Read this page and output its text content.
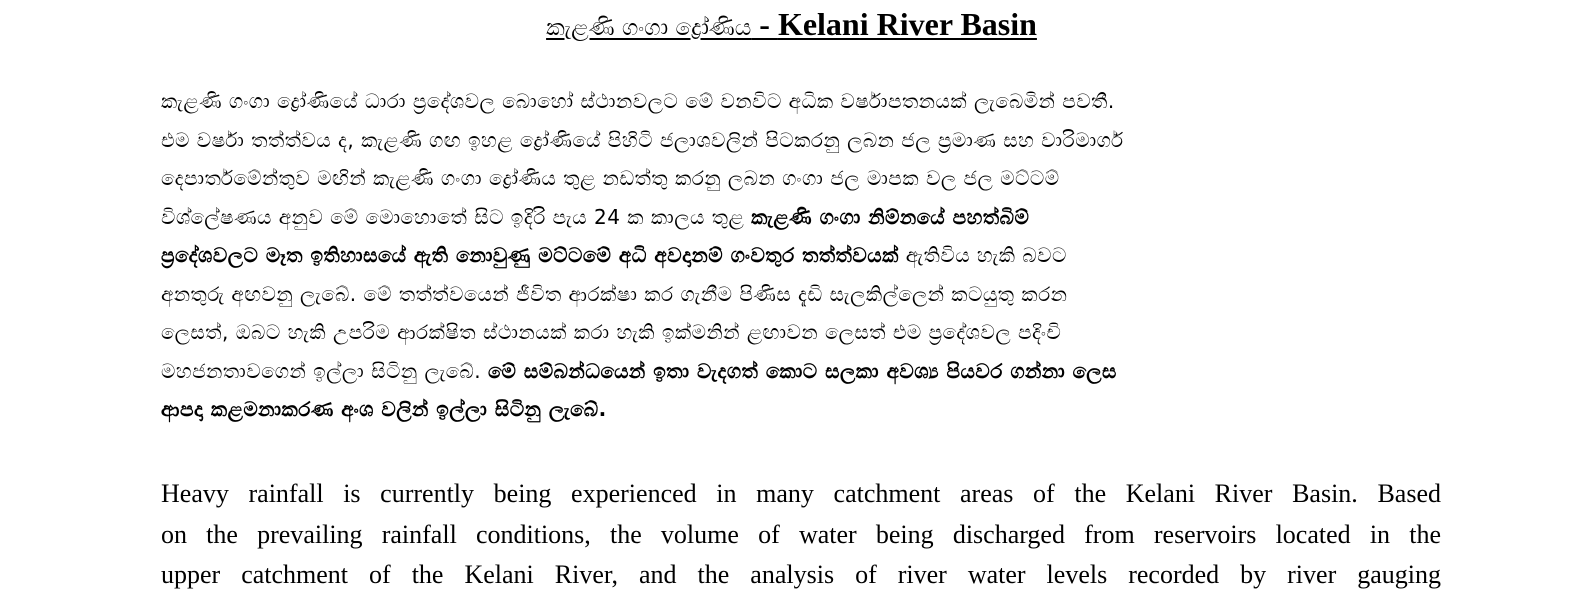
කැළණි ගංගා ද්‍රෝණිය - Kelani River Basin
කැළණි ගංගා ද්‍රෝණියේ ධාරා ප්‍රදේශවල බොහෝ ස්ථානවලට මේ වනවිට අධික වර්ෂාපතනයක් ලැබෙමින් පවතී.
එම වර්ෂා තත්ත්වය ද, කැළණි ගඟ ඉහළ ද්‍රෝණියේ පිහිටි ජලාශවලින් පිටකරනු ලබන ජල ප්‍රමාණ සහ වාරිමාර්ග
දෙපාර්තමේන්තුව මඟින් කැළණි ගංගා ද්‍රෝණිය තුළ නඩත්තු කරනු ලබන ගංගා ජල මාපක වල ජල මට්ටම්
විශ්ලේෂණය අනුව මේ මොහොතේ සිට ඉදිරි පැය 24 ක කාලය තුළ කැළණි ගංගා නිම්නයේ පහත්බිම්
ප්‍රදේශවලට මෑත ඉතිහාසයේ ඇති නොවුණු මට්ටමේ අධි අවදානම් ගංවතුර තත්ත්වයක් ඇතිවිය හැකි බවට
අනතුරු අඟවනු ලැබේ. මේ තත්ත්වයෙන් ජීවිත ආරක්ෂා කර ගැනීම පිණිස දැඩි සැලකිල්ලෙන් කටයුතු කරන
ලෙසත්, ඔබට හැකි උපරිම ආරක්ෂිත ස්ථානයක් කරා හැකි ඉක්මනින් ළඟාවන ලෙසත් එම ප්‍රදේශවල පදිංචි
මහජනතාවගෙන් ඉල්ලා සිටිනු ලැබේ. මේ සම්බන්ධයෙන් ඉතා වැදගත් කොට සලකා අවශ්‍ය පියවර ගන්නා ලෙස
ආපදා කළමනාකරණ අංශ වලින් ඉල්ලා සිටිනු ලැබේ.
Heavy rainfall is currently being experienced in many catchment areas of the Kelani River Basin. Based
on the prevailing rainfall conditions, the volume of water being discharged from reservoirs located in the
upper catchment of the Kelani River, and the analysis of river water levels recorded by river gauging
